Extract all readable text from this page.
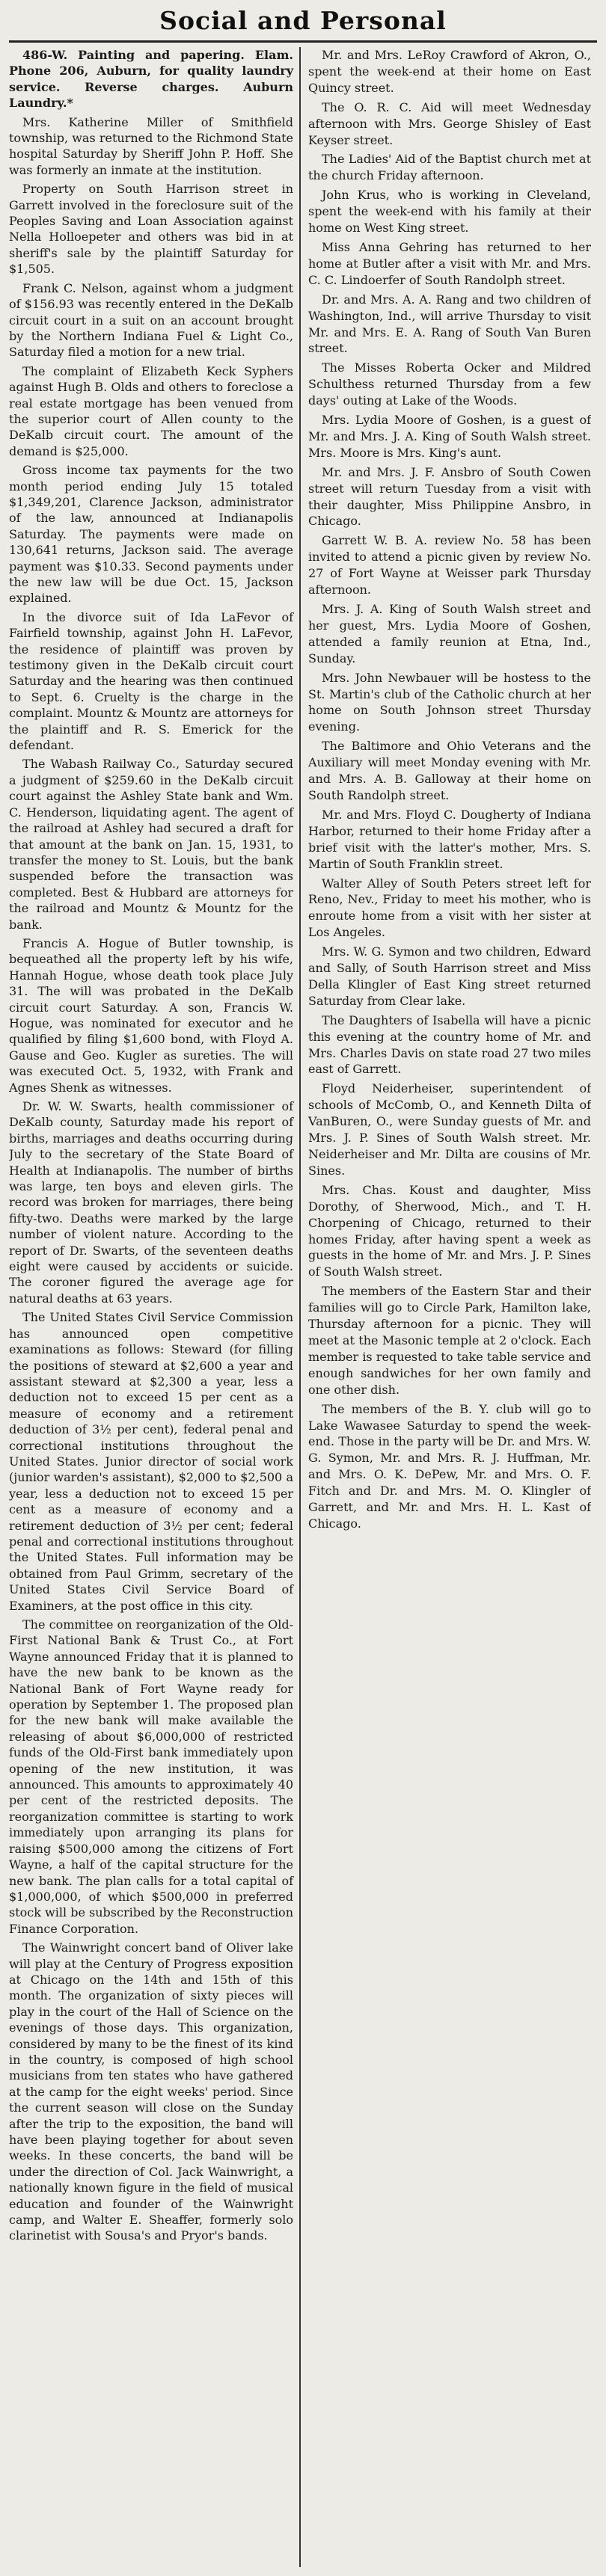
Social and Personal

486-W. Painting and papering. Elam. Phone 206, Auburn, for quality laundry service. Reverse charges. Auburn Laundry.*

Mrs. Katherine Miller of Smithfield township, was returned to the Richmond State hospital Saturday by Sheriff John P. Hoff. She was formerly an inmate at the institution.

Property on South Harrison street in Garrett involved in the foreclosure suit of the Peoples Saving and Loan Association against Nella Holloepeter and others was bid in at sheriff's sale by the plaintiff Saturday for $1,505.

Frank C. Nelson, against whom a judgment of $156.93 was recently entered in the DeKalb circuit court in a suit on an account brought by the Northern Indiana Fuel & Light Co., Saturday filed a motion for a new trial.

The complaint of Elizabeth Keck Syphers against Hugh B. Olds and others to foreclose a real estate mortgage has been venued from the superior court of Allen county to the DeKalb circuit court. The amount of the demand is $25,000.

Gross income tax payments for the two month period ending July 15 totaled $1,349,201, Clarence Jackson, administrator of the law, announced at Indianapolis Saturday. The payments were made on 130,641 returns, Jackson said. The average payment was $10.33. Second payments under the new law will be due Oct. 15, Jackson explained.

In the divorce suit of Ida LaFevor of Fairfield township, against John H. LaFevor, the residence of plaintiff was proven by testimony given in the DeKalb circuit court Saturday and the hearing was then continued to Sept. 6. Cruelty is the charge in the complaint. Mountz & Mountz are attorneys for the plaintiff and R. S. Emerick for the defendant.

The Wabash Railway Co., Saturday secured a judgment of $259.60 in the DeKalb circuit court against the Ashley State bank and Wm. C. Henderson, liquidating agent. The agent of the railroad at Ashley had secured a draft for that amount at the bank on Jan. 15, 1931, to transfer the money to St. Louis, but the bank suspended before the transaction was completed. Best & Hubbard are attorneys for the railroad and Mountz & Mountz for the bank.

Francis A. Hogue of Butler township, is bequeathed all the property left by his wife, Hannah Hogue, whose death took place July 31. The will was probated in the DeKalb circuit court Saturday. A son, Francis W. Hogue, was nominated for executor and he qualified by filing $1,600 bond, with Floyd A. Gause and Geo. Kugler as sureties. The will was executed Oct. 5, 1932, with Frank and Agnes Shenk as witnesses.

Dr. W. W. Swarts, health commissioner of DeKalb county, Saturday made his report of births, marriages and deaths occurring during July to the secretary of the State Board of Health at Indianapolis. The number of births was large, ten boys and eleven girls. The record was broken for marriages, there being fifty-two. Deaths were marked by the large number of violent nature. According to the report of Dr. Swarts, of the seventeen deaths eight were caused by accidents or suicide. The coroner figured the average age for natural deaths at 63 years.

The United States Civil Service Commission has announced open competitive examinations as follows: Steward (for filling the positions of steward at $2,600 a year and assistant steward at $2,300 a year, less a deduction not to exceed 15 per cent as a measure of economy and a retirement deduction of 3½ per cent), federal penal and correctional institutions throughout the United States. Junior director of social work (junior warden's assistant), $2,000 to $2,500 a year, less a deduction not to exceed 15 per cent as a measure of economy and a retirement deduction of 3½ per cent; federal penal and correctional institutions throughout the United States. Full information may be obtained from Paul Grimm, secretary of the United States Civil Service Board of Examiners, at the post office in this city.

The committee on reorganization of the Old-First National Bank & Trust Co., at Fort Wayne announced Friday that it is planned to have the new bank to be known as the National Bank of Fort Wayne ready for operation by September 1. The proposed plan for the new bank will make available the releasing of about $6,000,000 of restricted funds of the Old-First bank immediately upon opening of the new institution, it was announced. This amounts to approximately 40 per cent of the restricted deposits. The reorganization committee is starting to work immediately upon arranging its plans for raising $500,000 among the citizens of Fort Wayne, a half of the capital structure for the new bank. The plan calls for a total capital of $1,000,000, of which $500,000 in preferred stock will be subscribed by the Reconstruction Finance Corporation.

The Wainwright concert band of Oliver lake will play at the Century of Progress exposition at Chicago on the 14th and 15th of this month. The organization of sixty pieces will play in the court of the Hall of Science on the evenings of those days. This organization, considered by many to be the finest of its kind in the country, is composed of high school musicians from ten states who have gathered at the camp for the eight weeks' period. Since the current season will close on the Sunday after the trip to the exposition, the band will have been playing together for about seven weeks. In these concerts, the band will be under the direction of Col. Jack Wainwright, a nationally known figure in the field of musical education and founder of the Wainwright camp, and Walter E. Sheaffer, formerly solo clarinetist with Sousa's and Pryor's bands.

Mr. and Mrs. LeRoy Crawford of Akron, O., spent the week-end at their home on East Quincy street.

The O. R. C. Aid will meet Wednesday afternoon with Mrs. George Shisley of East Keyser street.

The Ladies' Aid of the Baptist church met at the church Friday afternoon.

John Krus, who is working in Cleveland, spent the week-end with his family at their home on West King street.

Miss Anna Gehring has returned to her home at Butler after a visit with Mr. and Mrs. C. C. Lindoerfer of South Randolph street.

Dr. and Mrs. A. A. Rang and two children of Washington, Ind., will arrive Thursday to visit Mr. and Mrs. E. A. Rang of South Van Buren street.

The Misses Roberta Ocker and Mildred Schulthess returned Thursday from a few days' outing at Lake of the Woods.

Mrs. Lydia Moore of Goshen, is a guest of Mr. and Mrs. J. A. King of South Walsh street. Mrs. Moore is Mrs. King's aunt.

Mr. and Mrs. J. F. Ansbro of South Cowen street will return Tuesday from a visit with their daughter, Miss Philippine Ansbro, in Chicago.

Garrett W. B. A. review No. 58 has been invited to attend a picnic given by review No. 27 of Fort Wayne at Weisser park Thursday afternoon.

Mrs. J. A. King of South Walsh street and her guest, Mrs. Lydia Moore of Goshen, attended a family reunion at Etna, Ind., Sunday.

Mrs. John Newbauer will be hostess to the St. Martin's club of the Catholic church at her home on South Johnson street Thursday evening.

The Baltimore and Ohio Veterans and the Auxiliary will meet Monday evening with Mr. and Mrs. A. B. Galloway at their home on South Randolph street.

Mr. and Mrs. Floyd C. Dougherty of Indiana Harbor, returned to their home Friday after a brief visit with the latter's mother, Mrs. S. Martin of South Franklin street.

Walter Alley of South Peters street left for Reno, Nev., Friday to meet his mother, who is enroute home from a visit with her sister at Los Angeles.

Mrs. W. G. Symon and two children, Edward and Sally, of South Harrison street and Miss Della Klingler of East King street returned Saturday from Clear lake.

The Daughters of Isabella will have a picnic this evening at the country home of Mr. and Mrs. Charles Davis on state road 27 two miles east of Garrett.

Floyd Neiderheiser, superintendent of schools of McComb, O., and Kenneth Dilta of VanBuren, O., were Sunday guests of Mr. and Mrs. J. P. Sines of South Walsh street. Mr. Neiderheiser and Mr. Dilta are cousins of Mr. Sines.

Mrs. Chas. Koust and daughter, Miss Dorothy, of Sherwood, Mich., and T. H. Chorpening of Chicago, returned to their homes Friday, after having spent a week as guests in the home of Mr. and Mrs. J. P. Sines of South Walsh street.

The members of the Eastern Star and their families will go to Circle Park, Hamilton lake, Thursday afternoon for a picnic. They will meet at the Masonic temple at 2 o'clock. Each member is requested to take table service and enough sandwiches for her own family and one other dish.

The members of the B. Y. club will go to Lake Wawasee Saturday to spend the week-end. Those in the party will be Dr. and Mrs. W. G. Symon, Mr. and Mrs. R. J. Huffman, Mr. and Mrs. O. K. DePew, Mr. and Mrs. O. F. Fitch and Dr. and Mrs. M. O. Klingler of Garrett, and Mr. and Mrs. H. L. Kast of Chicago.
